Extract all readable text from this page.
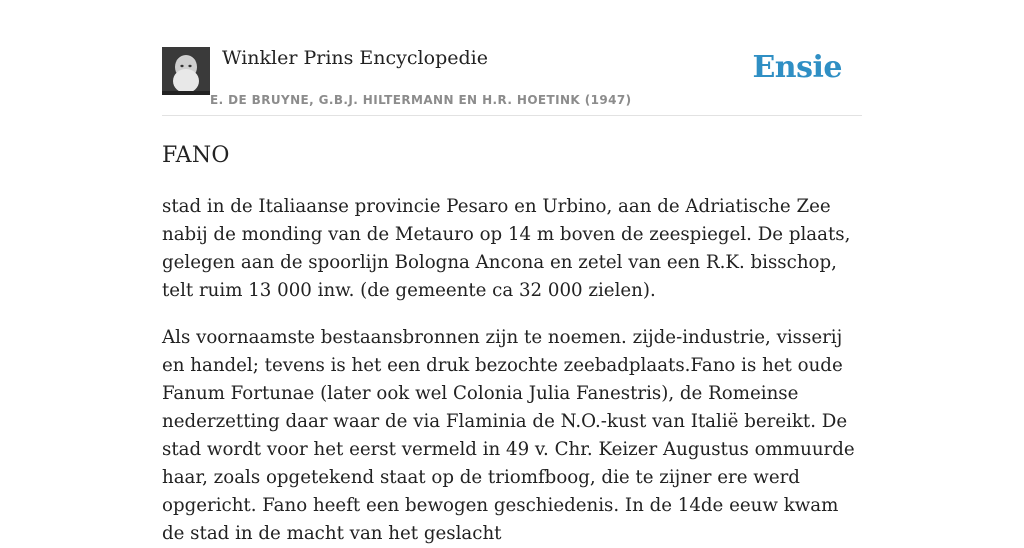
Winkler Prins Encyclopedie
E. DE BRUYNE, G.B.J. HILTERMANN EN H.R. HOETINK (1947)
Ensie
FANO

stad in de Italiaanse provincie Pesaro en Urbino, aan de Adriatische Zee nabij de monding van de Metauro op 14 m boven de zeespiegel. De plaats, gelegen aan de spoorlijn Bologna Ancona en zetel van een R.K. bisschop, telt ruim 13 000 inw. (de gemeente ca 32 000 zielen).

Als voornaamste bestaansbronnen zijn te noemen. zijde-industrie, visserij en handel; tevens is het een druk bezochte zeebadplaats.Fano is het oude Fanum Fortunae (later ook wel Colonia Julia Fanestris), de Romeinse nederzetting daar waar de via Flaminia de N.O.-kust van Italië bereikt. De stad wordt voor het eerst vermeld in 49 v. Chr. Keizer Augustus ommuurde haar, zoals opgetekend staat op de triomfboog, die te zijner ere werd opgericht. Fano heeft een bewogen geschiedenis. In de 14de eeuw kwam de stad in de macht van het geslacht
